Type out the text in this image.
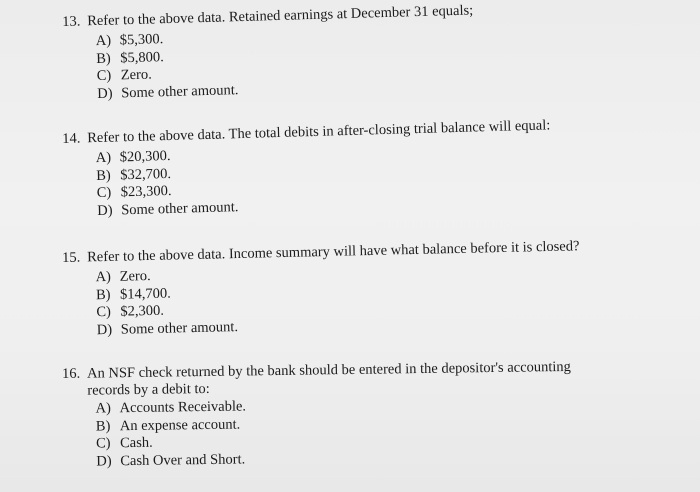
13. Refer to the above data. Retained earnings at December 31 equals;
A) $5,300.
B) $5,800.
C) Zero.
D) Some other amount.
14. Refer to the above data. The total debits in after-closing trial balance will equal:
A) $20,300.
B) $32,700.
C) $23,300.
D) Some other amount.
15. Refer to the above data. Income summary will have what balance before it is closed?
A) Zero.
B) $14,700.
C) $2,300.
D) Some other amount.
16. An NSF check returned by the bank should be entered in the depositor's accounting
records by a debit to:
A) Accounts Receivable.
B) An expense account.
C) Cash.
D) Cash Over and Short.
